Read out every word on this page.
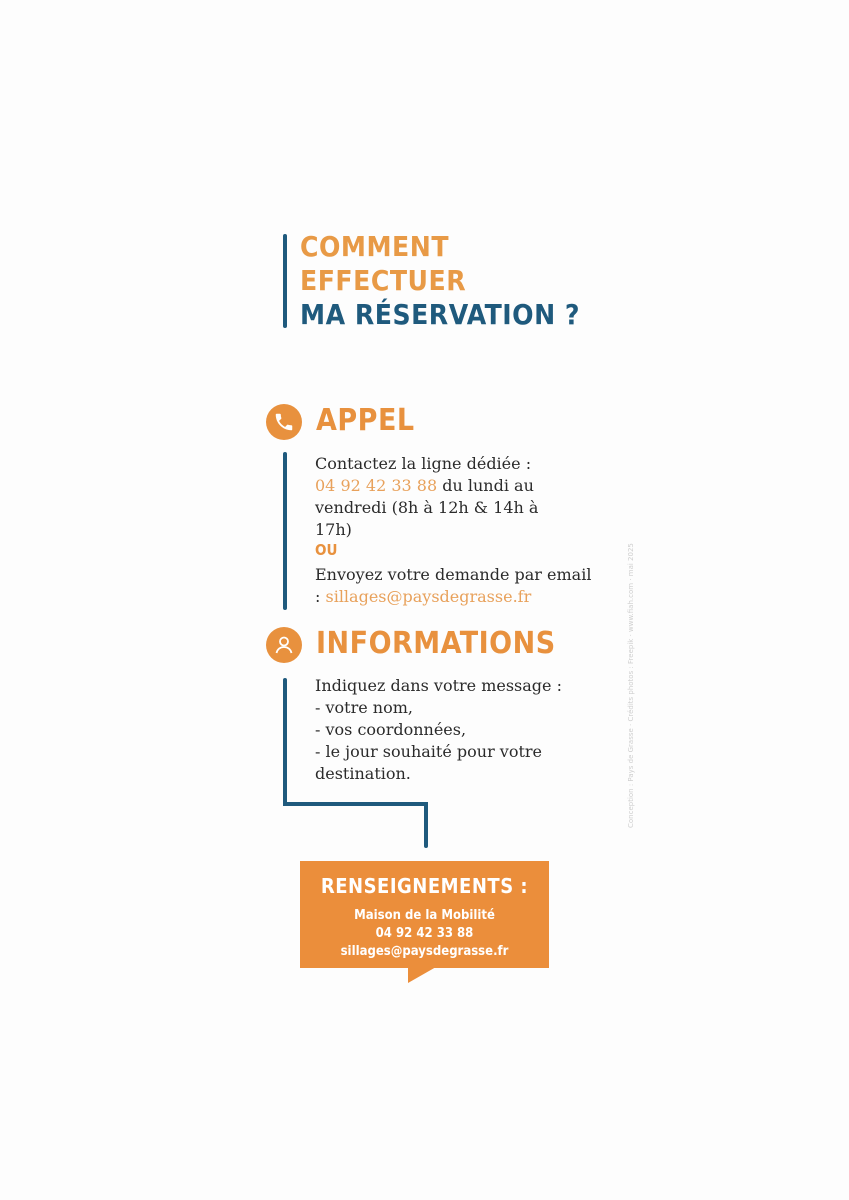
COMMENT
EFFECTUER
MA RÉSERVATION ?
APPEL
Contactez la ligne dédiée :
04 92 42 33 88 du lundi au vendredi (8h à 12h & 14h à 17h)
OU
Envoyez votre demande par email : sillages@paysdegrasse.fr
INFORMATIONS
Indiquez dans votre message :
- votre nom,
- vos coordonnées,
- le jour souhaité pour votre destination.
RENSEIGNEMENTS :
Maison de la Mobilité
04 92 42 33 88
sillages@paysdegrasse.fr
Conception : Pays de Grasse · Crédits photos : Freepik · www.fiah.com · mai 2025
